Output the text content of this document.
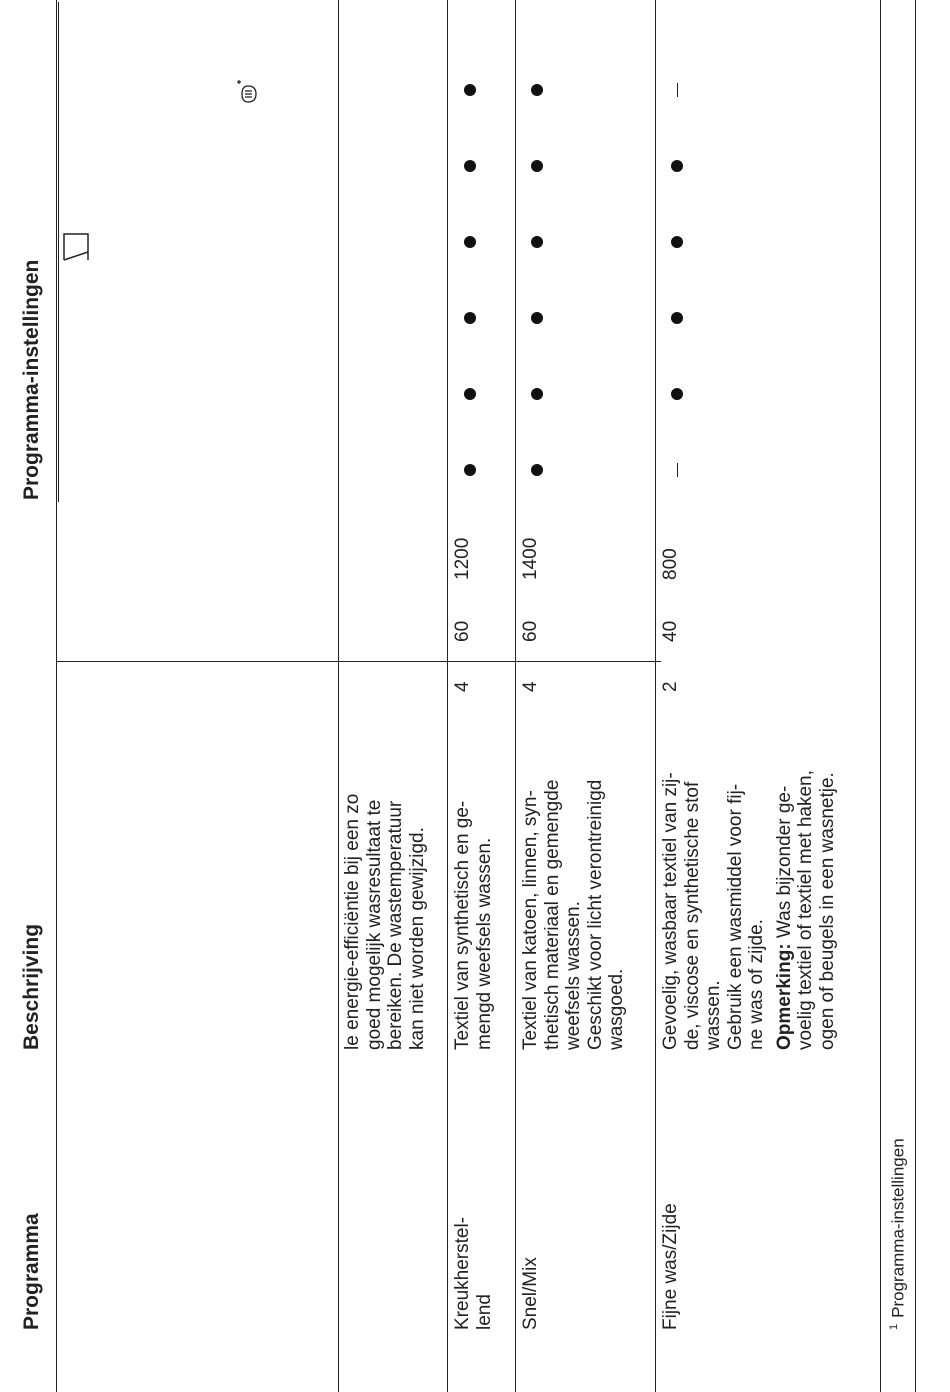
Programma
Beschrijving
Programma-instellingen
le energie-efficiëntie bij een zo goed mogelijk wasresultaat te bereiken. De wastemperatuur kan niet worden gewijzigd.
Kreukherstel- lend
Textiel van synthetisch en ge- mengd weefsels wassen.
4
60
1200
Snel/Mix
Textiel van katoen, linnen, syn- thetisch materiaal en gemengde weefsels wassen. Geschikt voor licht verontreinigd wasgoed.
4
60
1400
Fijne was/Zijde
Gevoelig, wasbaar textiel van zij- de, viscose en synthetische stof wassen. Gebruik een wasmiddel voor fij- ne was of zijde. Opmerking: Was bijzonder ge- voelig textiel of textiel met haken, ogen of beugels in een wasnetje.
2
40
800
$^1$Programma-instellingen
